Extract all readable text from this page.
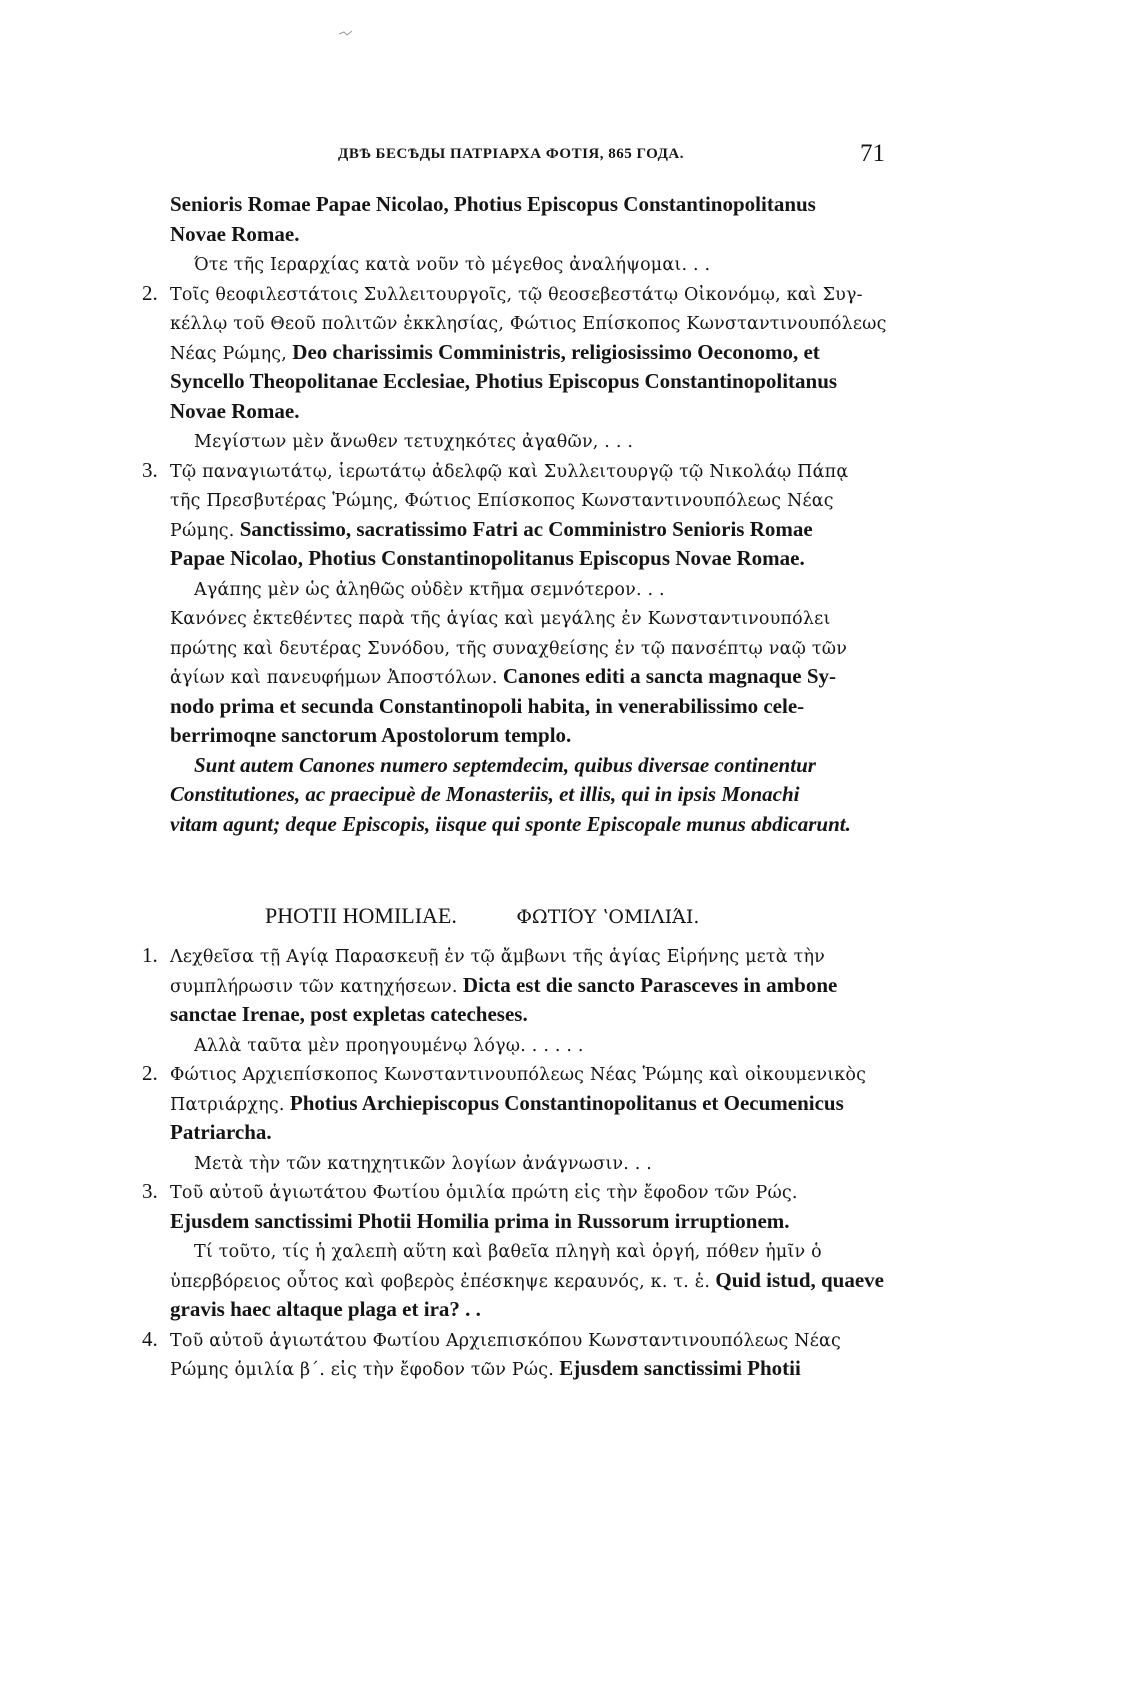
ДВѢ БЕСѢДЫ ПАТРІАРХА ФОТІЯ, 865 ГОДА.	71
Senioris Romae Papae Nicolao, Photius Episcopus Constantinopolitanus
Novae Romae.
Ότε τῆς Ιεραρχίας κατὰ νοῦν τὸ μέγεθος ἀναλήψομαι. . .
2. Τοῖς θεοφιλεστάτοις Συλλειτουργοῖς, τῷ θεοσεβεστάτῳ Οἰκονόμῳ, καὶ Συγ-
κέλλῳ τοῦ Θεοῦ πολιτῶν ἐκκλησίας, Φώτιος Επίσκοπος Κωνσταντινουπόλεως
Νέας Ρώμης, Deo charissimis Comministris, religiosissimo Oeconomo, et
Syncello Theopolitanae Ecclesiae, Photius Episcopus Constantinopolitanus
Novae Romae.
Μεγίστων μὲν ἄνωθεν τετυχηκότες ἀγαθῶν, . . .
3. Τῷ παναγιωτάτῳ, ἱερωτάτῳ ἀδελφῷ καὶ Συλλειτουργῷ τῷ Νικολάῳ Πάπᾳ
τῆς Πρεσβυτέρας Ῥώμης, Φώτιος Επίσκοπος Κωνσταντινουπόλεως Νέας
Ρώμης. Sanctissimo, sacratissimo Fatri ac Comministro Senioris Romae
Papae Nicolao, Photius Constantinopolitanus Episcopus Novae Romae.
Αγάπης μὲν ὡς ἀληθῶς οὐδὲν κτῆμα σεμνότερον. . .
Κανόνες ἐκτεθέντες παρὰ τῆς ἁγίας καὶ μεγάλης ἐν Κωνσταντινουπόλει
πρώτης καὶ δευτέρας Συνόδου, τῆς συναχθείσης ἐν τῷ πανσέπτῳ ναῷ τῶν
ἁγίων καὶ πανευφήμων Ἀποστόλων. Canones editi a sancta magnaque Sy-
nodo prima et secunda Constantinopoli habita, in venerabilissimo cele-
berrimoqne sanctorum Apostolorum templo.
Sunt autem Canones numero septemdecim, quibus diversae continentur
Constitutiones, ac praecipuè de Monasteriis, et illis, qui in ipsis Monachi
vitam agunt; deque Episcopis, iisque qui sponte Episcopale munus abdicarunt.
PHOTII HOMILIAE.	ΦΩΤΙΌΥ ʽΟΜΙΛΙΆΙ.
1. Λεχθεῖσα τῇ Αγίᾳ Παρασκευῇ ἐν τῷ ἄμβωνι τῆς ἁγίας Εἰρήνης μετὰ τὴν
συμπλήρωσιν τῶν κατηχήσεων. Dicta est die sancto Parasceves in ambone
sanctae Irenae, post expletas catecheses.
Αλλὰ ταῦτα μὲν προηγουμένῳ λόγῳ. . . . . .
2. Φώτιος Αρχιεπίσκοπος Κωνσταντινουπόλεως Νέας Ῥώμης καὶ οἰκουμενικὸς
Πατριάρχης. Photius Archiepiscopus Constantinopolitanus et Oecumenicus
Patriarcha.
Μετὰ τὴν τῶν κατηχητικῶν λογίων ἀνάγνωσιν. . .
3. Τοῦ αὐτοῦ ἁγιωτάτου Φωτίου ὁμιλία πρώτη εἰς τὴν ἔφοδον τῶν Ρώς.
Ejusdem sanctissimi Photii Homilia prima in Russorum irruptionem.
Τί τοῦτο, τίς ἡ χαλεπὴ αὕτη καὶ βαθεῖα πληγὴ καὶ ὀργή, πόθεν ἡμῖν ὁ
ὑπερβόρειος οὗτος καὶ φοβερὸς ἐπέσκηψε κεραυνός, κ. τ. ἑ. Quid istud, quaeve
gravis haec altaque plaga et ira? . .
4. Τοῦ αὐτοῦ ἁγιωτάτου Φωτίου Αρχιεπισκόπου Κωνσταντινουπόλεως Νέας
Ρώμης ὁμιλία β΄. εἰς τὴν ἔφοδον τῶν Ρώς. Ejusdem sanctissimi Photii
